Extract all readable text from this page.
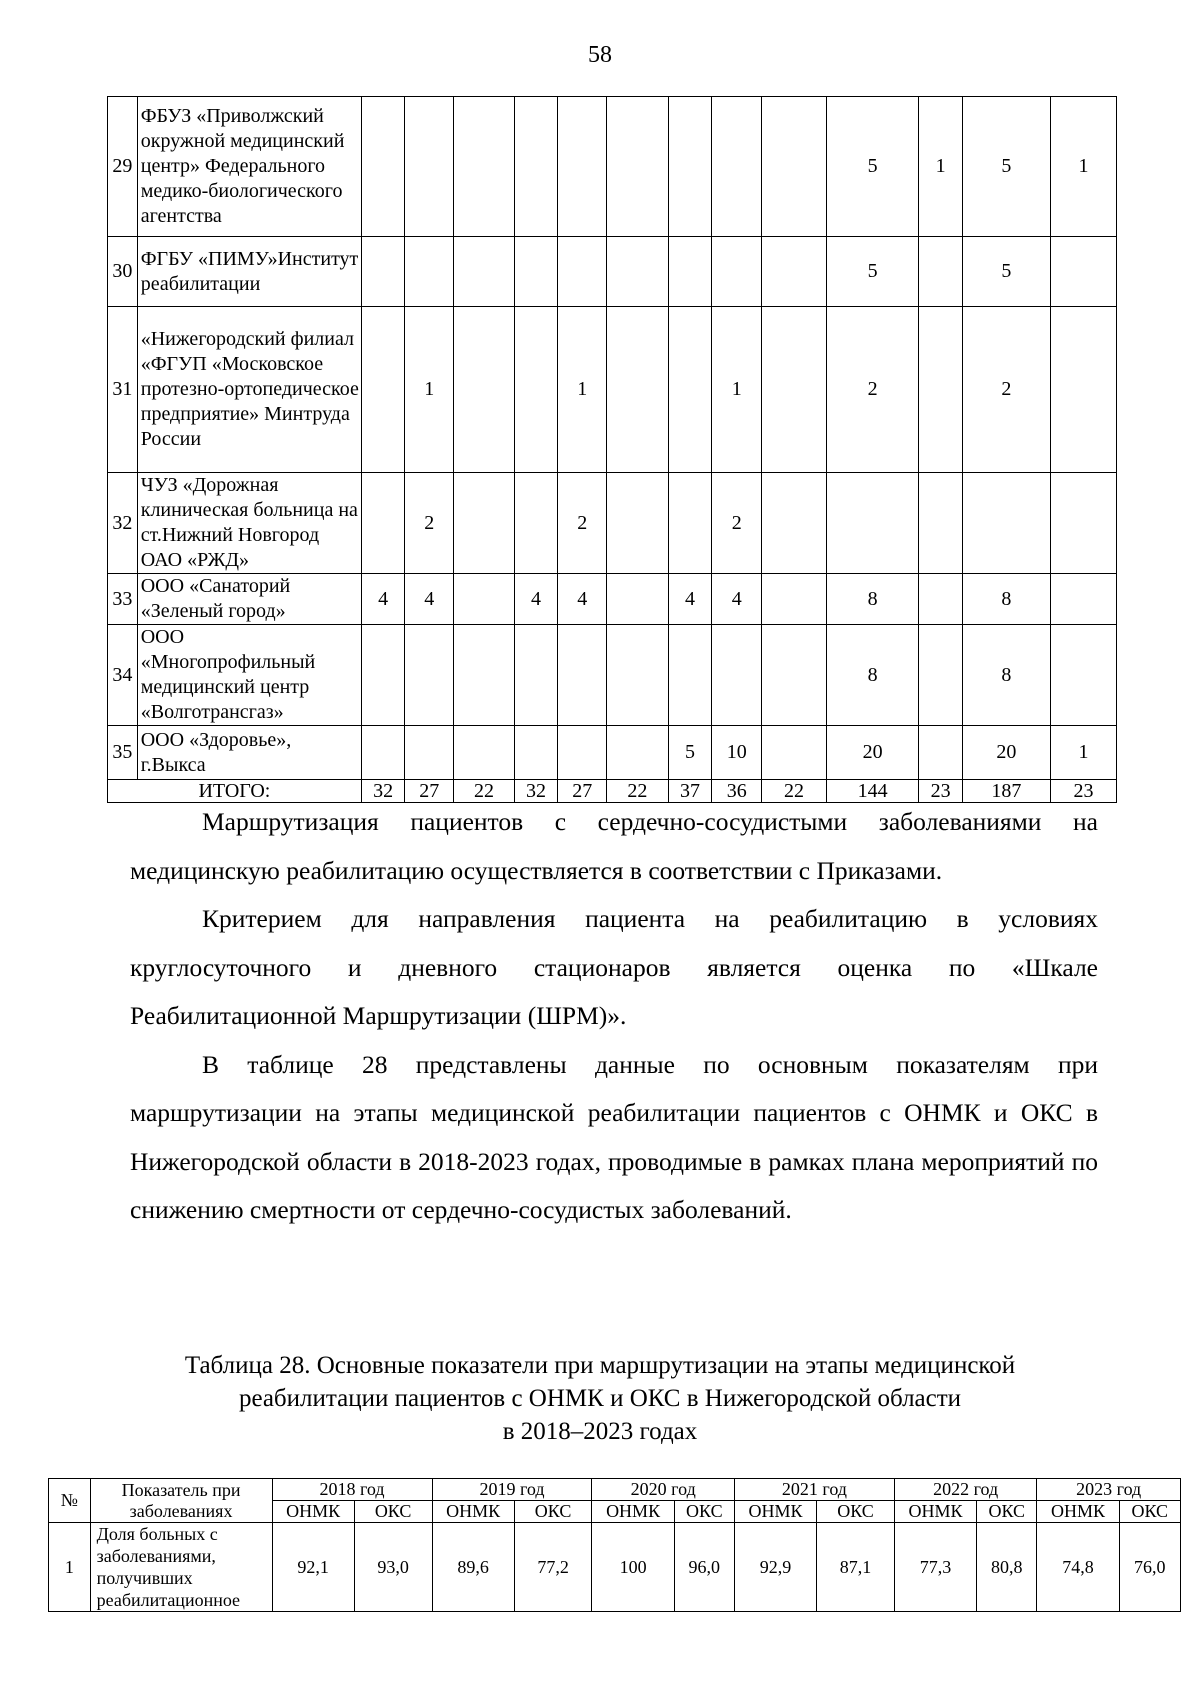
58
29	ФБУЗ «Приволжский окружной медицинский центр» Федерального медико-биологического агентства										5	1	5	1
30	ФГБУ «ПИМУ»Институт реабилитации										5		5	
31	«Нижегородский филиал «ФГУП «Московское протезно-ортопедическое предприятие» Минтруда России		1			1			1		2		2	
32	ЧУЗ «Дорожная клиническая больница на ст.Нижний Новгород ОАО «РЖД»		2			2			2					
33	ООО «Санаторий «Зеленый город»	4	4		4	4		4	4		8		8	
34	ООО «Многопрофильный медицинский центр «Волготрансгаз»										8		8	
35	ООО «Здоровье», г.Выкса							5	10		20		20	1
ИТОГО:		32	27	22	32	27	22	37	36	22	144	23	187	23

Маршрутизация пациентов с сердечно-сосудистыми заболеваниями на медицинскую реабилитацию осуществляется в соответствии с Приказами.

Критерием для направления пациента на реабилитацию в условиях круглосуточного и дневного стационаров является оценка по «Шкале Реабилитационной Маршрутизации (ШРМ)».

В таблице 28 представлены данные по основным показателям при маршрутизации на этапы медицинской реабилитации пациентов с ОНМК и ОКС в Нижегородской области в 2018-2023 годах, проводимые в рамках плана мероприятий по снижению смертности от сердечно-сосудистых заболеваний.

Таблица 28. Основные показатели при маршрутизации на этапы медицинской
реабилитации пациентов с ОНМК и ОКС в Нижегородской области
в 2018–2023 годах
№	Показатель при заболеваниях	2018 год		2019 год		2020 год		2021 год		2022 год		2023 год	
		ОНМК	ОКС	ОНМК	ОКС	ОНМК	ОКС	ОНМК	ОКС	ОНМК	ОКС	ОНМК	ОКС
1	Доля больных с заболеваниями, получивших реабилитационное	92,1	93,0	89,6	77,2	100	96,0	92,9	87,1	77,3	80,8	74,8	76,0
